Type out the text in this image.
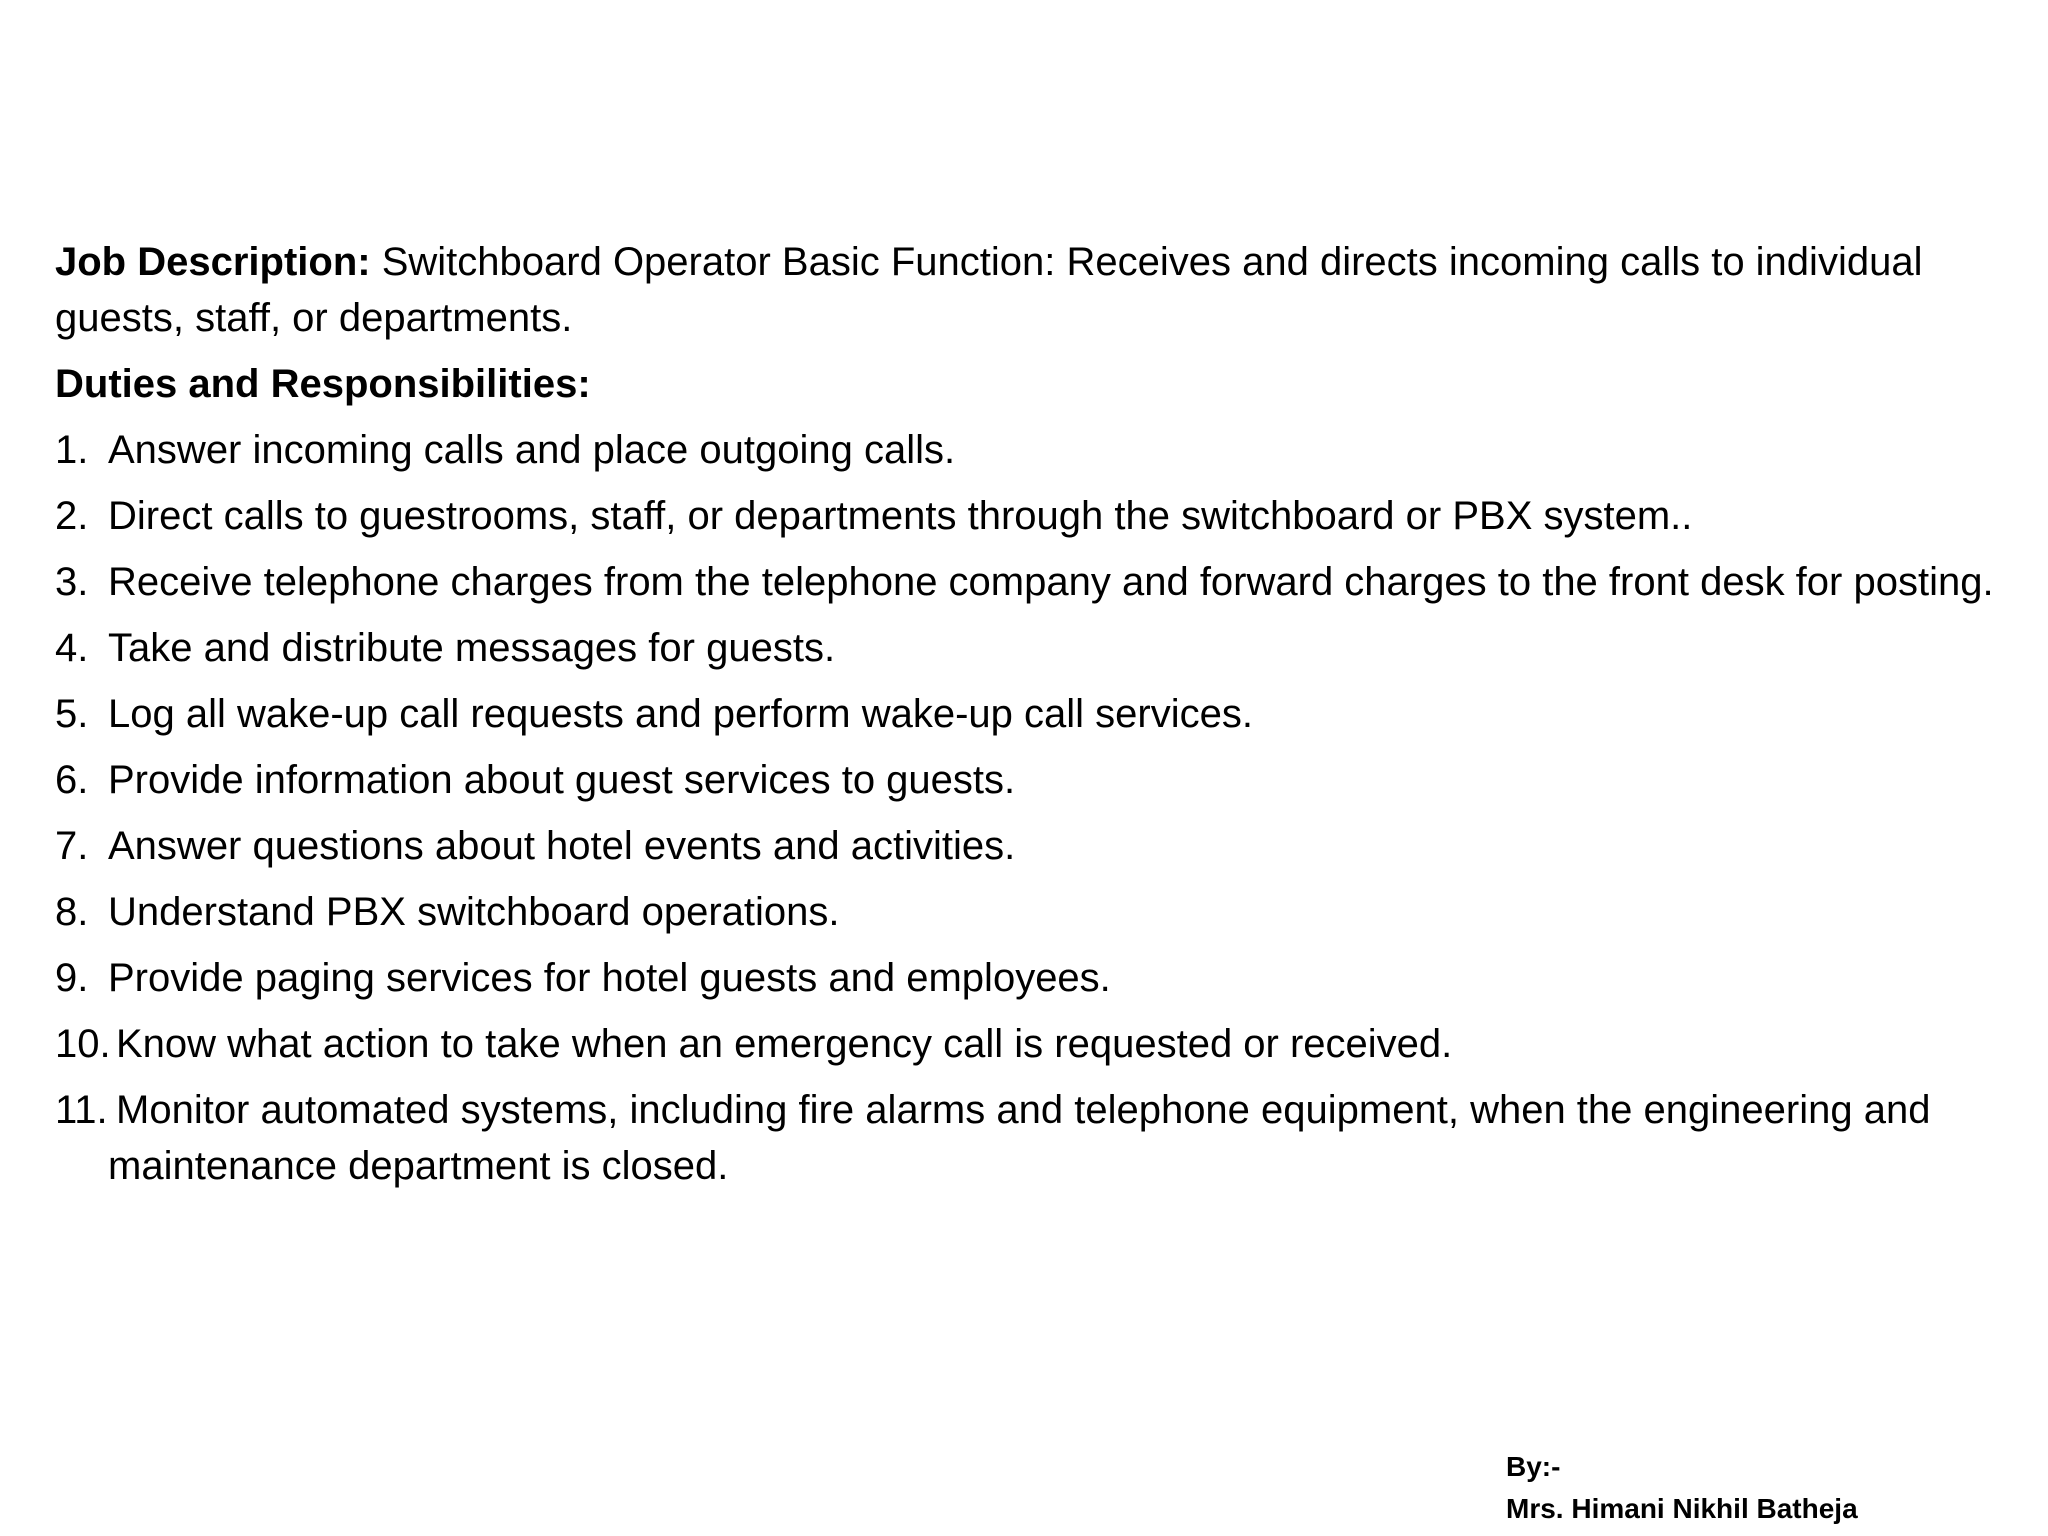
Job Description: Switchboard Operator Basic Function: Receives and directs incoming calls to individual guests, staff, or departments.

Duties and Responsibilities:

1. Answer incoming calls and place outgoing calls.
2. Direct calls to guestrooms, staff, or departments through the switchboard or PBX system..
3. Receive telephone charges from the telephone company and forward charges to the front desk for posting.
4. Take and distribute messages for guests.
5. Log all wake-up call requests and perform wake-up call services.
6. Provide information about guest services to guests.
7. Answer questions about hotel events and activities.
8. Understand PBX switchboard operations.
9. Provide paging services for hotel guests and employees.
10. Know what action to take when an emergency call is requested or received.
11. Monitor automated systems, including fire alarms and telephone equipment, when the engineering and maintenance department is closed.
By:-
Mrs. Himani Nikhil Batheja
